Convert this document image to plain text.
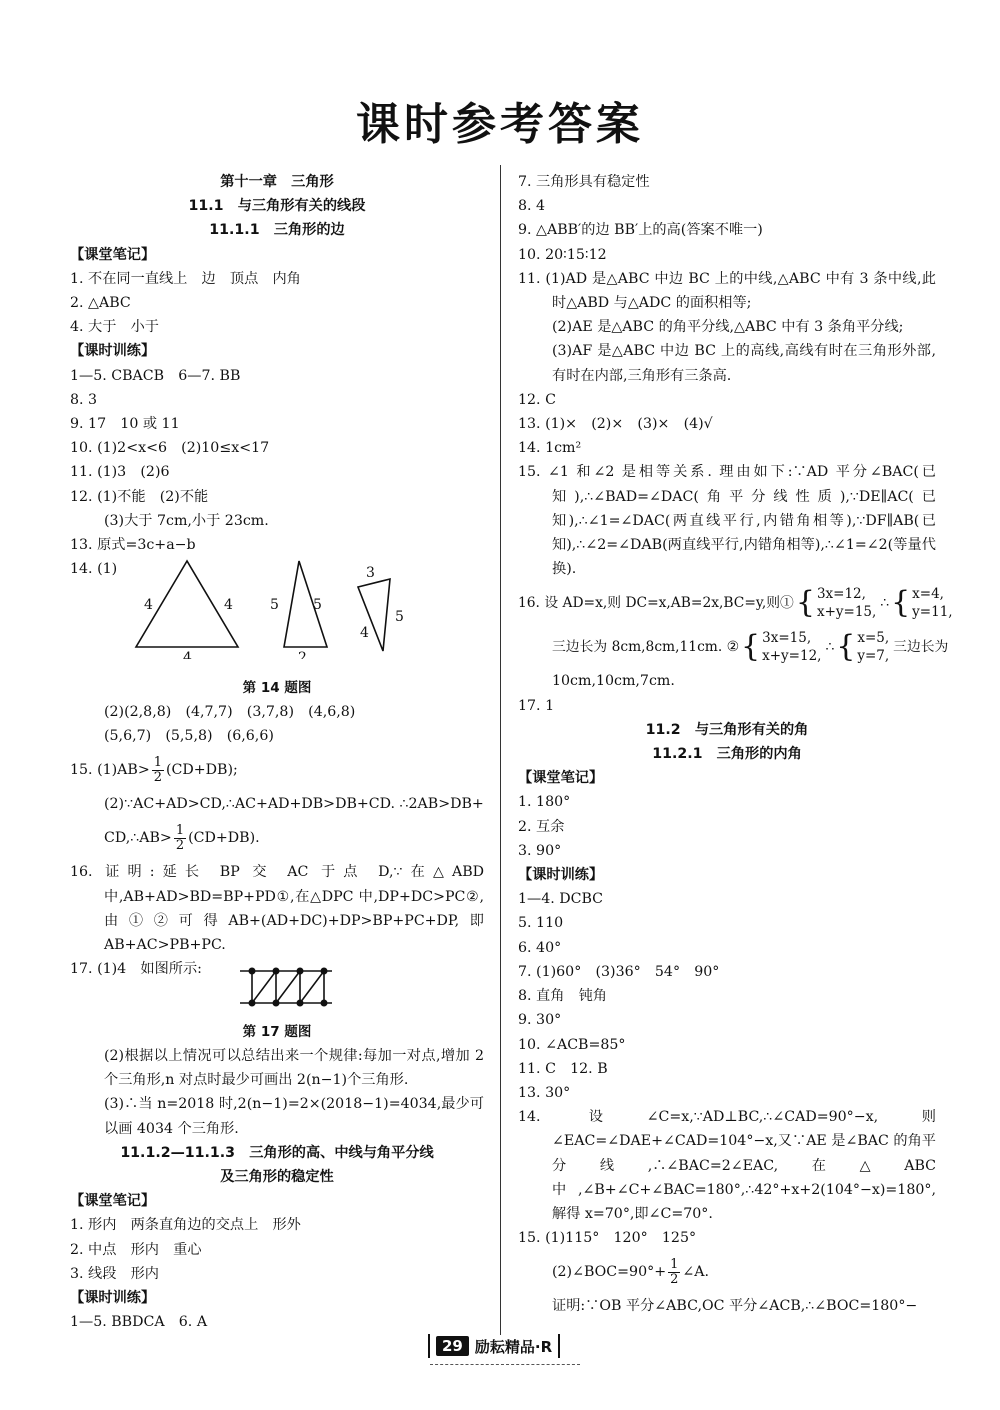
课时参考答案
第十一章　三角形
11.1　与三角形有关的线段
11.1.1　三角形的边
【课堂笔记】
1. 不在同一直线上　边　顶点　内角
2. △ABC
4. 大于　小于
【课时训练】
1—5. CBACB　6—7. BB
8. 3
9. 17　10 或 11
10. (1)2<x<6　(2)10≤x<17
11. (1)3　(2)6
12. (1)不能　(2)不能
(3)大于 7cm,小于 23cm.
13. 原式=3c+a−b
14. (1)
4	4
4
5 5
2
3
5
4
第 14 题图
(2)(2,8,8)　(4,7,7)　(3,7,8)　(4,6,8)
(5,6,7)　(5,5,8)　(6,6,6)
15. $(1)AB> \frac{1}{2} (CD+DB)$;
(2)∵AC+AD>CD,∴AC+AD+DB>DB+CD. ∴2AB>DB+
CD,∴AB> $\frac{1}{2} (CD+DB)$.
16. 证明:延长 BP 交 AC 于点 D,∵在△ABD 中,AB+AD>BD=BP+PD①,在△DPC 中,DP+DC>PC②,由①②可得AB+(AD+DC)+DP>BP+PC+DP,即 AB+AC>PB+PC.
17. (1)4　如图所示:
第 17 题图
(2)根据以上情况可以总结出来一个规律:每加一对点,增加 2 个三角形,n 对点时最少可画出 2(n−1)个三角形.
(3)∴当 n=2018 时,2(n−1)=2×(2018−1)=4034,最少可以画 4034 个三角形.
11.1.2—11.1.3　三角形的高、中线与角平分线
及三角形的稳定性
【课堂笔记】
1. 形内　两条直角边的交点上　形外
2. 中点　形内　重心
3. 线段　形内
【课时训练】
1—5. BBDCA　6. A
7. 三角形具有稳定性
8. 4
9. △ABB′的边 BB′上的高(答案不唯一)
10. 20∶15∶12
11. (1)AD 是△ABC 中边 BC 上的中线,△ABC 中有 3 条中线,此时△ABD 与△ADC 的面积相等;
(2)AE 是△ABC 的角平分线,△ABC 中有 3 条角平分线;
(3)AF 是△ABC 中边 BC 上的高线,高线有时在三角形外部,有时在内部,三角形有三条高.
12. C
13. (1)×　(2)×　(3)×　(4)√
14. 1cm²
15. ∠1 和∠2 是相等关系. 理由如下:∵AD 平分∠BAC(已知),∴∠BAD=∠DAC(角平分线性质),∵DE∥AC(已知),∴∠1=∠DAC(两直线平行,内错角相等),∵DF∥AB(已知),∴∠2=∠DAB(两直线平行,内错角相等),∴∠1=∠2(等量代换).
16. 设 AD=x,则 DC=x,AB=2x,BC=y,则① { 3x=12,
x+y=15,
∴ { x=4,
y=11,
三边长为 8cm,8cm,11cm. ② { 3x=15,
x+y=12,
∴ { x=5,
y=7,
三边长为
10cm,10cm,7cm.
17. 1
11.2　与三角形有关的角
11.2.1　三角形的内角
【课堂笔记】
1. 180°
2. 互余
3. 90°
【课时训练】
1—4. DCBC
5. 110
6. 40°
7. (1)60°　(3)36°　54°　90°
8. 直角　钝角
9. 30°
10. ∠ACB=85°
11. C　12. B
13. 30°
14. 设∠C=x,∵AD⊥BC,∴∠CAD=90°−x,则∠EAC=∠DAE+∠CAD=104°−x,又∵AE 是∠BAC 的角平分线,∴∠BAC=2∠EAC,在△ABC 中,∠B+∠C+∠BAC=180°,∴42°+x+2(104°−x)=180°,解得 x=70°,即∠C=70°.
15. (1)115°　120°　125°
(2)∠BOC=90°+ $\frac{1}{2}$ ∠A.
证明:∵OB 平分∠ABC,OC 平分∠ACB,∴∠BOC=180°−
29 励耘精品·R
